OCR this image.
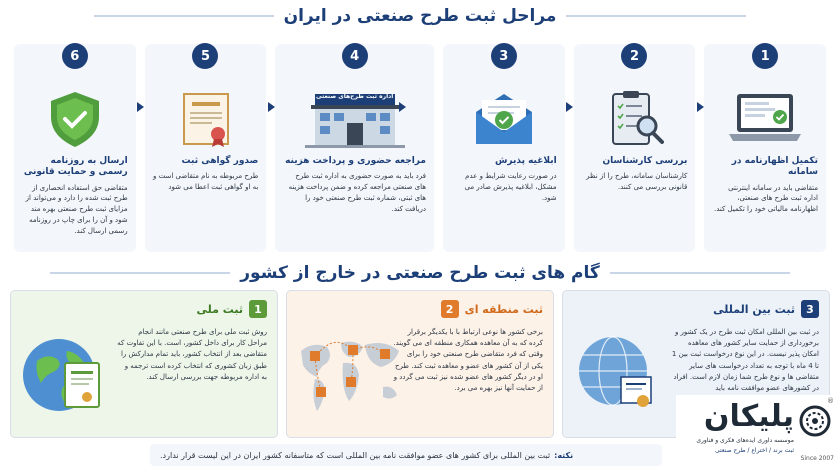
مراحل ثبت طرح صنعتی در ایران
1
تکمیل اظهارنامه در سامانه
متقاضی باید در سامانه اینترنتی اداره ثبت طرح های صنعتی، اظهارنامه مالیاتی خود را تکمیل کند.
2
بررسی کارشناسان
کارشناسان سامانه، طرح را از نظر قانونی بررسی می کنند.
3
ابلاغیه پذیرش
در صورت رعایت شرایط و عدم مشکل، ابلاغیه پذیرش صادر می شود.
4
اداره ثبت طرح‌های صنعتی
مراجعه حضوری و پرداخت هزینه
فرد باید به صورت حضوری به اداره ثبت طرح های صنعتی مراجعه کرده و ضمن پرداخت هزینه های ثبتی، شماره ثبت طرح صنعتی خود را دریافت کند.
5
صدور گواهی ثبت
طرح مربوطه به نام متقاضی است و به او گواهی ثبت اعطا می شود
6
ارسال به روزنامه رسمی و حمایت قانونی
متقاضی حق استفاده انحصاری از طرح ثبت شده را دارد و می‌تواند از مزایای ثبت طرح صنعتی بهره مند شود و آن را برای چاپ در روزنامه رسمی ارسال کند.
گام های ثبت طرح صنعتی در خارج از کشور
1
ثبت ملی
روش ثبت ملی برای طرح صنعتی مانند انجام مراحل کار برای داخل کشور، است. با این تفاوت که متقاضی بعد از انتخاب کشور، باید تمام مدارکش را طبق زبان کشوری که انتخاب کرده است ترجمه و به اداره مربوطه جهت بررسی ارسال کند.
ثبت منطقه ای
2
برخی کشور ها نوعی ارتباط با با یکدیگر برقرار کرده که به آن معاهده همکاری منطقه ای می گویند. وقتی که فرد متقاضی طرح صنعتی خود را برای یکی از آن کشور های عضو و معاهده ثبت کند. طرح او در دیگر کشور های عضو شده نیز ثبت می گردد و از حمایت آنها نیز بهره می برد.
3
ثبت بین المللی
در ثبت بین المللی امکان ثبت طرح در یک کشور و برخورداری از حمایت سایر کشور های معاهده امکان پذیر نیست. در این نوع درخواست ثبت بین 1 تا 4 ماه با توجه به تعداد درخواست های سایر متقاضی ها و نوع طرح شما زمان لازم است. افراد در کشورهای عضو موافقت نامه باید
نکته:
ثبت بین المللی برای کشور های عضو موافقت نامه بین المللی است که متاسفانه کشور ایران در این لیست قرار ندارد.
®
پلیکان
موسسه داوری ایده‌های فکری و فناوری
ثبت برند / اختراع / طرح صنعتی
Since 2007
